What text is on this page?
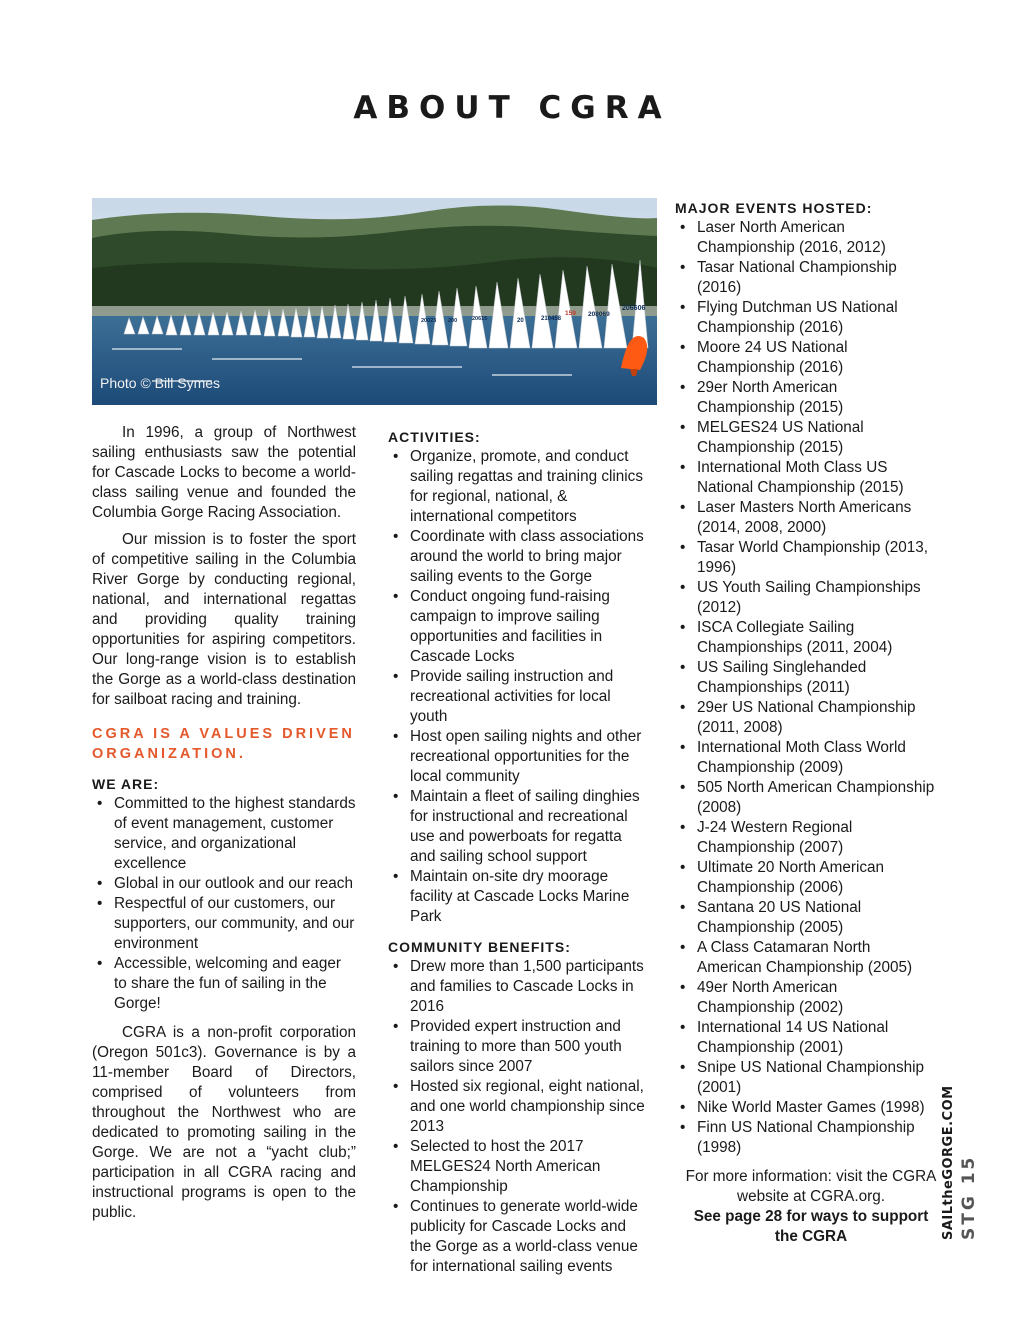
ABOUT CGRA
206606
208069
159
210458
20
20615
200
20023
Photo © Bill Symes

In 1996, a group of Northwest sailing enthusiasts saw the potential for Cascade Locks to become a world-class sailing venue and founded the Columbia Gorge Racing Association.

Our mission is to foster the sport of competitive sailing in the Columbia River Gorge by conducting regional, national, and international regattas and providing quality training opportunities for aspiring competitors. Our long-range vision is to establish the Gorge as a world-class destination for sailboat racing and training.

CGRA IS A VALUES DRIVEN ORGANIZATION.

WE ARE:

• Committed to the highest standards of event management, customer service, and organizational excellence
• Global in our outlook and our reach
• Respectful of our customers, our supporters, our community, and our environment
• Accessible, welcoming and eager to share the fun of sailing in the Gorge!

CGRA is a non-profit corporation (Oregon 501c3). Governance is by a 11-member Board of Directors, comprised of volunteers from throughout the Northwest who are dedicated to promoting sailing in the Gorge. We are not a “yacht club;” participation in all CGRA racing and instructional programs is open to the public.

ACTIVITIES:

• Organize, promote, and conduct sailing regattas and training clinics for regional, national, & international competitors
• Coordinate with class associations around the world to bring major sailing events to the Gorge
• Conduct ongoing fund-raising campaign to improve sailing opportunities and facilities in Cascade Locks
• Provide sailing instruction and recreational activities for local youth
• Host open sailing nights and other recreational opportunities for the local community
• Maintain a fleet of sailing dinghies for instructional and recreational use and powerboats for regatta and sailing school support
• Maintain on-site dry moorage facility at Cascade Locks Marine Park

COMMUNITY BENEFITS:

• Drew more than 1,500 participants and families to Cascade Locks in 2016
• Provided expert instruction and training to more than 500 youth sailors since 2007
• Hosted six regional, eight national, and one world championship since 2013
• Selected to host the 2017 MELGES24 North American Championship
• Continues to generate world-wide publicity for Cascade Locks and the Gorge as a world-class venue for international sailing events

MAJOR EVENTS HOSTED:

• Laser North American Championship (2016, 2012)
• Tasar National Championship (2016)
• Flying Dutchman US National Championship (2016)
• Moore 24 US National Championship (2016)
• 29er North American Championship (2015)
• MELGES24 US National Championship (2015)
• International Moth Class US National Championship (2015)
• Laser Masters North Americans (2014, 2008, 2000)
• Tasar World Championship (2013, 1996)
• US Youth Sailing Championships (2012)
• ISCA Collegiate Sailing Championships (2011, 2004)
• US Sailing Singlehanded Championships (2011)
• 29er US National Championship (2011, 2008)
• International Moth Class World Championship (2009)
• 505 North American Championship (2008)
• J-24 Western Regional Championship (2007)
• Ultimate 20 North American Championship (2006)
• Santana 20 US National Championship (2005)
• A Class Catamaran North American Championship (2005)
• 49er North American Championship (2002)
• International 14 US National Championship (2001)
• Snipe US National Championship (2001)
• Nike World Master Games (1998)
• Finn US National Championship (1998)

For more information: visit the CGRA website at CGRA.org.

See page 28 for ways to support the CGRA	SAILtheGORGE.COM STG 15
